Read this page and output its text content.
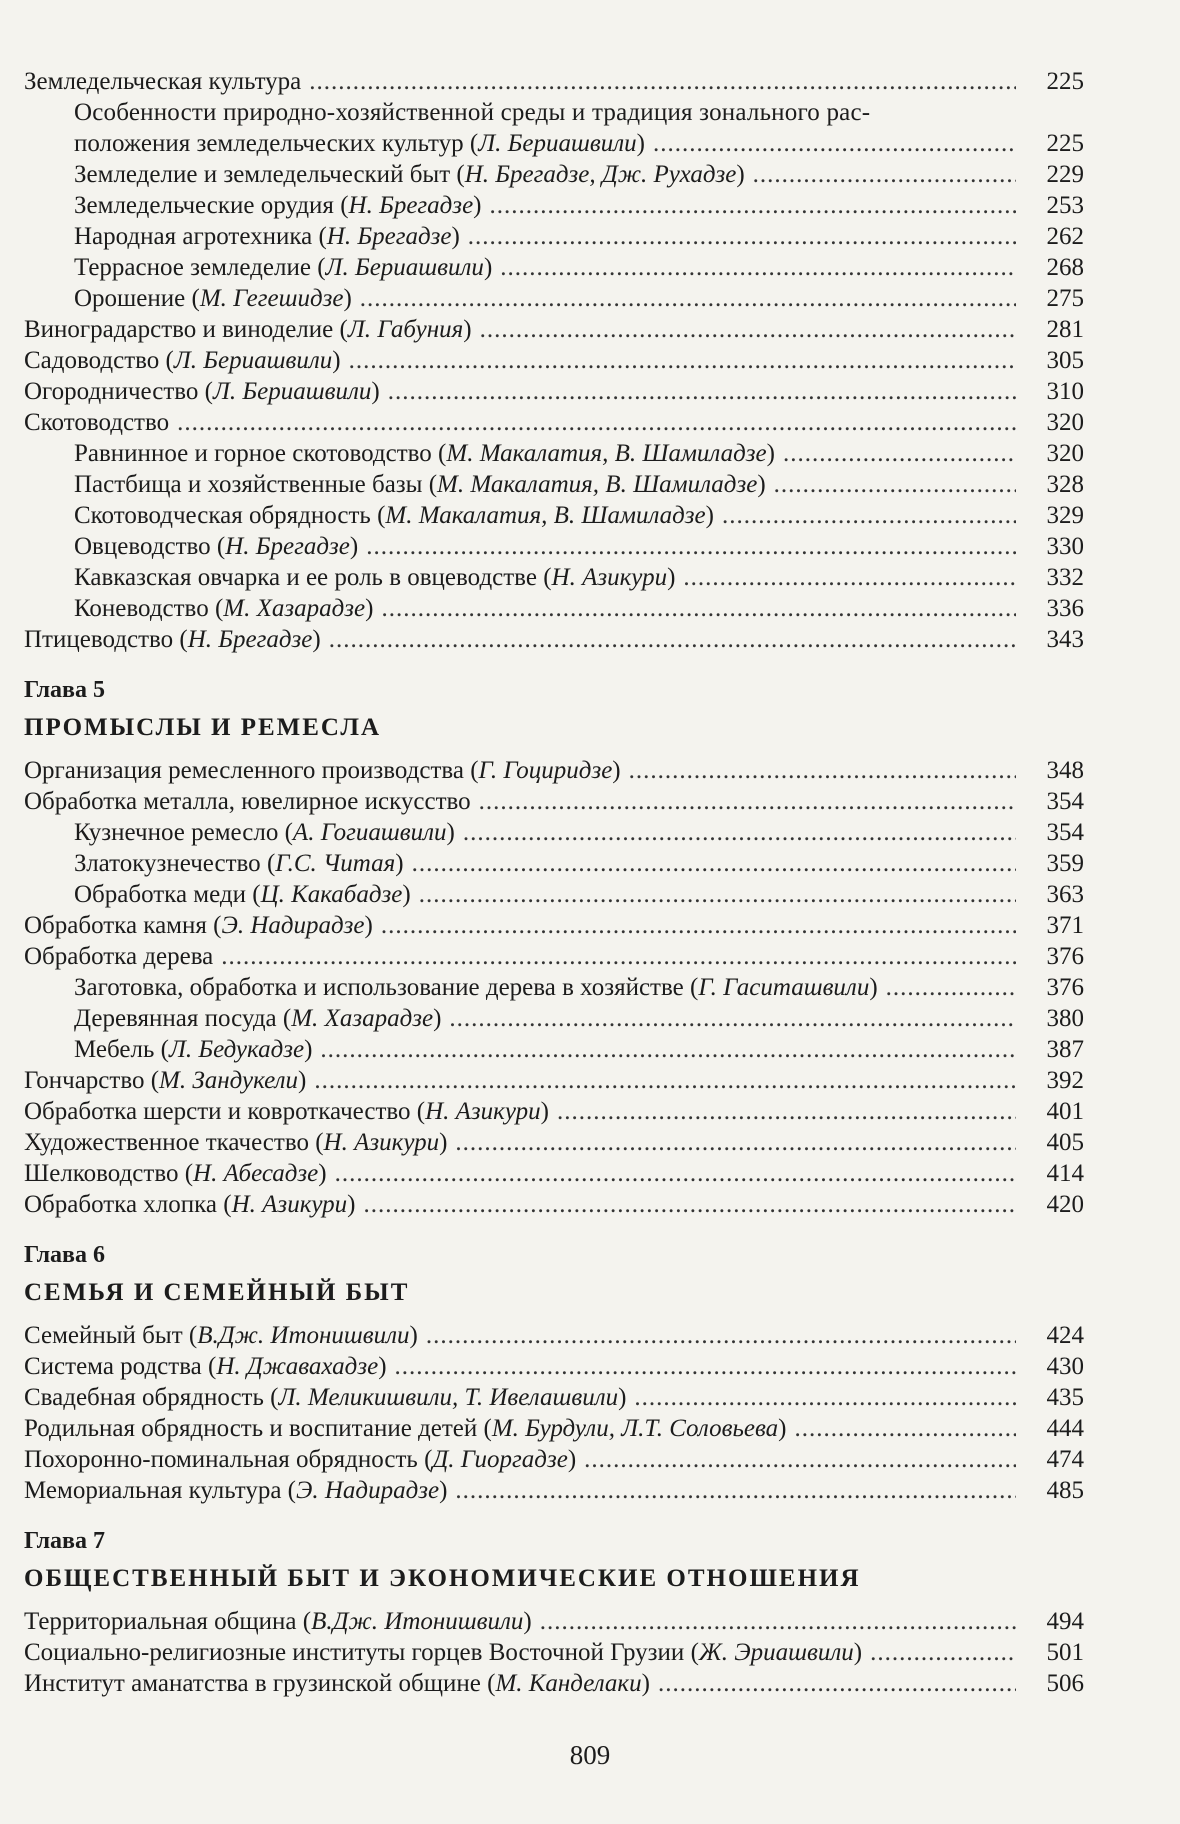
Земледельческая культура .....	225
Особенности природно-хозяйственной среды и традиция зонального рас-
положения земледельческих культур (Л. Бериашвили) .....	225
Земледелие и земледельческий быт (Н. Брегадзе, Дж. Рухадзе) .....	229
Земледельческие орудия (Н. Брегадзе) .....	253
Народная агротехника (Н. Брегадзе) .....	262
Террасное земледелие (Л. Бериашвили) .....	268
Орошение (М. Гегешидзе) .....	275
Виноградарство и виноделие (Л. Габуния) .....	281
Садоводство (Л. Бериашвили) .....	305
Огородничество (Л. Бериашвили) .....	310
Скотоводство .....	320
Равнинное и горное скотоводство (М. Макалатия, В. Шамиладзе) .....	320
Пастбища и хозяйственные базы (М. Макалатия, В. Шамиладзе) .....	328
Скотоводческая обрядность (М. Макалатия, В. Шамиладзе) .....	329
Овцеводство (Н. Брегадзе) .....	330
Кавказская овчарка и ее роль в овцеводстве (Н. Азикури) .....	332
Коневодство (М. Хазарадзе) .....	336
Птицеводство (Н. Брегадзе) .....	343
Глава 5
ПРОМЫСЛЫ И РЕМЕСЛА
Организация ремесленного производства (Г. Гоциридзе) .....	348
Обработка металла, ювелирное искусство .....	354
Кузнечное ремесло (А. Гогиашвили) .....	354
Златокузнечество (Г.С. Читая) .....	359
Обработка меди (Ц. Какабадзе) .....	363
Обработка камня (Э. Надирадзе) .....	371
Обработка дерева .....	376
Заготовка, обработка и использование дерева в хозяйстве (Г. Гаситашвили) .....	376
Деревянная посуда (М. Хазарадзе) .....	380
Мебель (Л. Бедукадзе) .....	387
Гончарство (М. Зандукели) .....	392
Обработка шерсти и ковроткачество (Н. Азикури) .....	401
Художественное ткачество (Н. Азикури) .....	405
Шелководство (Н. Абесадзе) .....	414
Обработка хлопка (Н. Азикури) .....	420
Глава 6
СЕМЬЯ И СЕМЕЙНЫЙ БЫТ
Семейный быт (В.Дж. Итонишвили) .....	424
Система родства (Н. Джавахадзе) .....	430
Свадебная обрядность (Л. Меликишвили, Т. Ивелашвили) .....	435
Родильная обрядность и воспитание детей (М. Бурдули, Л.Т. Соловьева) .....	444
Похоронно-поминальная обрядность (Д. Гиоргадзе) .....	474
Мемориальная культура (Э. Надирадзе) .....	485
Глава 7
ОБЩЕСТВЕННЫЙ БЫТ И ЭКОНОМИЧЕСКИЕ ОТНОШЕНИЯ
Территориальная община (В.Дж. Итонишвили) .....	494
Социально-религиозные институты горцев Восточной Грузии (Ж. Эриашвили) .....	501
Институт аманатства в грузинской общине (М. Канделаки) .....	506
809
